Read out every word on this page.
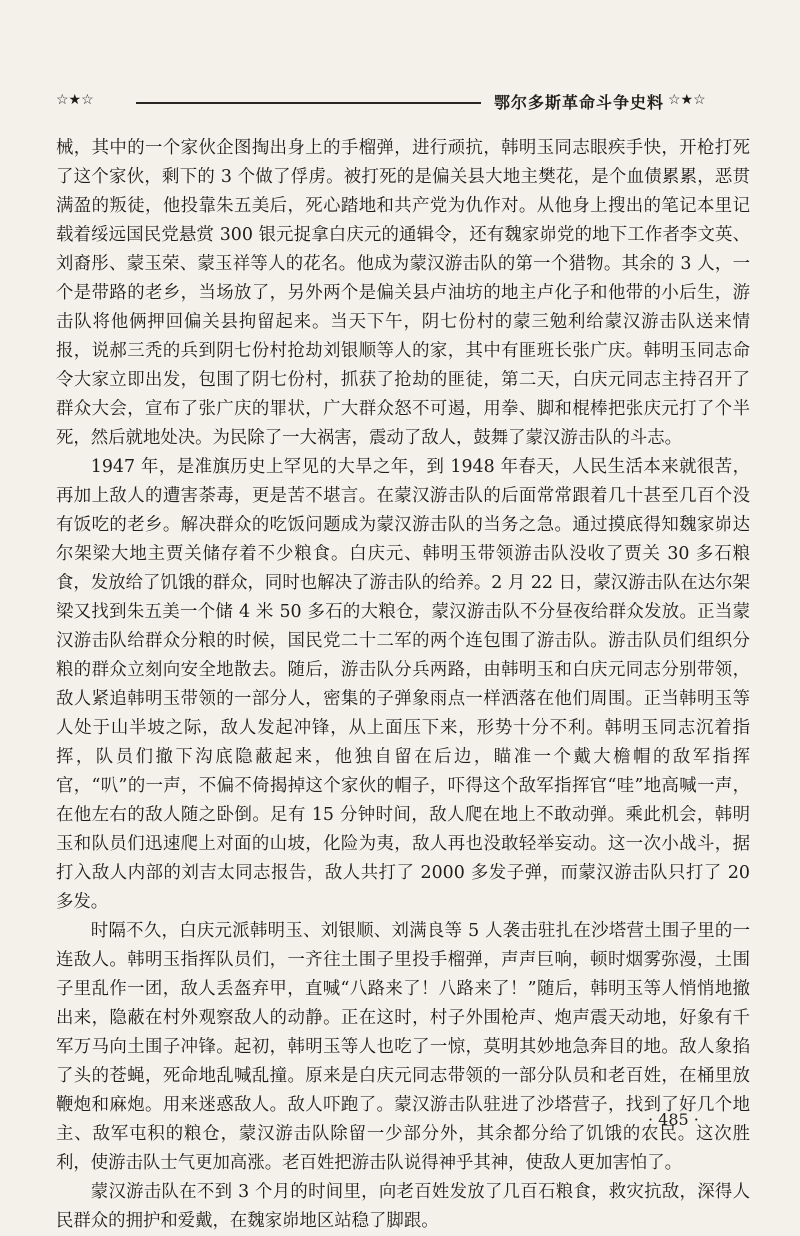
☆★☆	鄂尔多斯革命斗争史料 ☆★☆

械，其中的一个家伙企图掏出身上的手榴弹，进行顽抗，韩明玉同志眼疾手快，开枪打死了这个家伙，剩下的 3 个做了俘虏。被打死的是偏关县大地主樊花，是个血债累累，恶贯满盈的叛徒，他投靠朱五美后，死心踏地和共产党为仇作对。从他身上搜出的笔记本里记载着绥远国民党悬赏 300 银元捉拿白庆元的通辑令，还有魏家峁党的地下工作者李文英、刘裔彤、蒙玉荣、蒙玉祥等人的花名。他成为蒙汉游击队的第一个猎物。其余的 3 人，一个是带路的老乡，当场放了，另外两个是偏关县卢油坊的地主卢化子和他带的小后生，游击队将他俩押回偏关县拘留起来。当天下午，阴七份村的蒙三勉利给蒙汉游击队送来情报，说郝三秃的兵到阴七份村抢劫刘银顺等人的家，其中有匪班长张广庆。韩明玉同志命令大家立即出发，包围了阴七份村，抓获了抢劫的匪徒，第二天，白庆元同志主持召开了群众大会，宣布了张广庆的罪状，广大群众怒不可遏，用拳、脚和棍棒把张庆元打了个半死，然后就地处决。为民除了一大祸害，震动了敌人，鼓舞了蒙汉游击队的斗志。

1947 年，是准旗历史上罕见的大旱之年，到 1948 年春天，人民生活本来就很苦，再加上敌人的遭害荼毒，更是苦不堪言。在蒙汉游击队的后面常常跟着几十甚至几百个没有饭吃的老乡。解决群众的吃饭问题成为蒙汉游击队的当务之急。通过摸底得知魏家峁达尔架梁大地主贾关储存着不少粮食。白庆元、韩明玉带领游击队没收了贾关 30 多石粮食，发放给了饥饿的群众，同时也解决了游击队的给养。2 月 22 日，蒙汉游击队在达尔架梁又找到朱五美一个储 4 米 50 多石的大粮仓，蒙汉游击队不分昼夜给群众发放。正当蒙汉游击队给群众分粮的时候，国民党二十二军的两个连包围了游击队。游击队员们组织分粮的群众立刻向安全地散去。随后，游击队分兵两路，由韩明玉和白庆元同志分别带领，敌人紧追韩明玉带领的一部分人，密集的子弹象雨点一样洒落在他们周围。正当韩明玉等人处于山半坡之际，敌人发起冲锋，从上面压下来，形势十分不利。韩明玉同志沉着指挥，队员们撤下沟底隐蔽起来，他独自留在后边，瞄准一个戴大檐帽的敌军指挥官，“叭”的一声，不偏不倚揭掉这个家伙的帽子，吓得这个敌军指挥官“哇”地高喊一声，在他左右的敌人随之卧倒。足有 15 分钟时间，敌人爬在地上不敢动弹。乘此机会，韩明玉和队员们迅速爬上对面的山坡，化险为夷，敌人再也没敢轻举妄动。这一次小战斗，据打入敌人内部的刘吉太同志报告，敌人共打了 2000 多发子弹，而蒙汉游击队只打了 20 多发。

时隔不久，白庆元派韩明玉、刘银顺、刘满良等 5 人袭击驻扎在沙塔营土围子里的一连敌人。韩明玉指挥队员们，一齐往土围子里投手榴弹，声声巨响，顿时烟雾弥漫，土围子里乱作一团，敌人丢盔弃甲，直喊“八路来了！八路来了！”随后，韩明玉等人悄悄地撤出来，隐蔽在村外观察敌人的动静。正在这时，村子外围枪声、炮声震天动地，好象有千军万马向土围子冲锋。起初，韩明玉等人也吃了一惊，莫明其妙地急奔目的地。敌人象掐了头的苍蝇，死命地乱喊乱撞。原来是白庆元同志带领的一部分队员和老百姓，在桶里放鞭炮和麻炮。用来迷惑敌人。敌人吓跑了。蒙汉游击队驻进了沙塔营子，找到了好几个地主、敌军屯积的粮仓，蒙汉游击队除留一少部分外，其余都分给了饥饿的农民。这次胜利，使游击队士气更加高涨。老百姓把游击队说得神乎其神，使敌人更加害怕了。

蒙汉游击队在不到 3 个月的时间里，向老百姓发放了几百石粮食，救灾抗敌，深得人民群众的拥护和爱戴，在魏家峁地区站稳了脚跟。

· 485 ·
